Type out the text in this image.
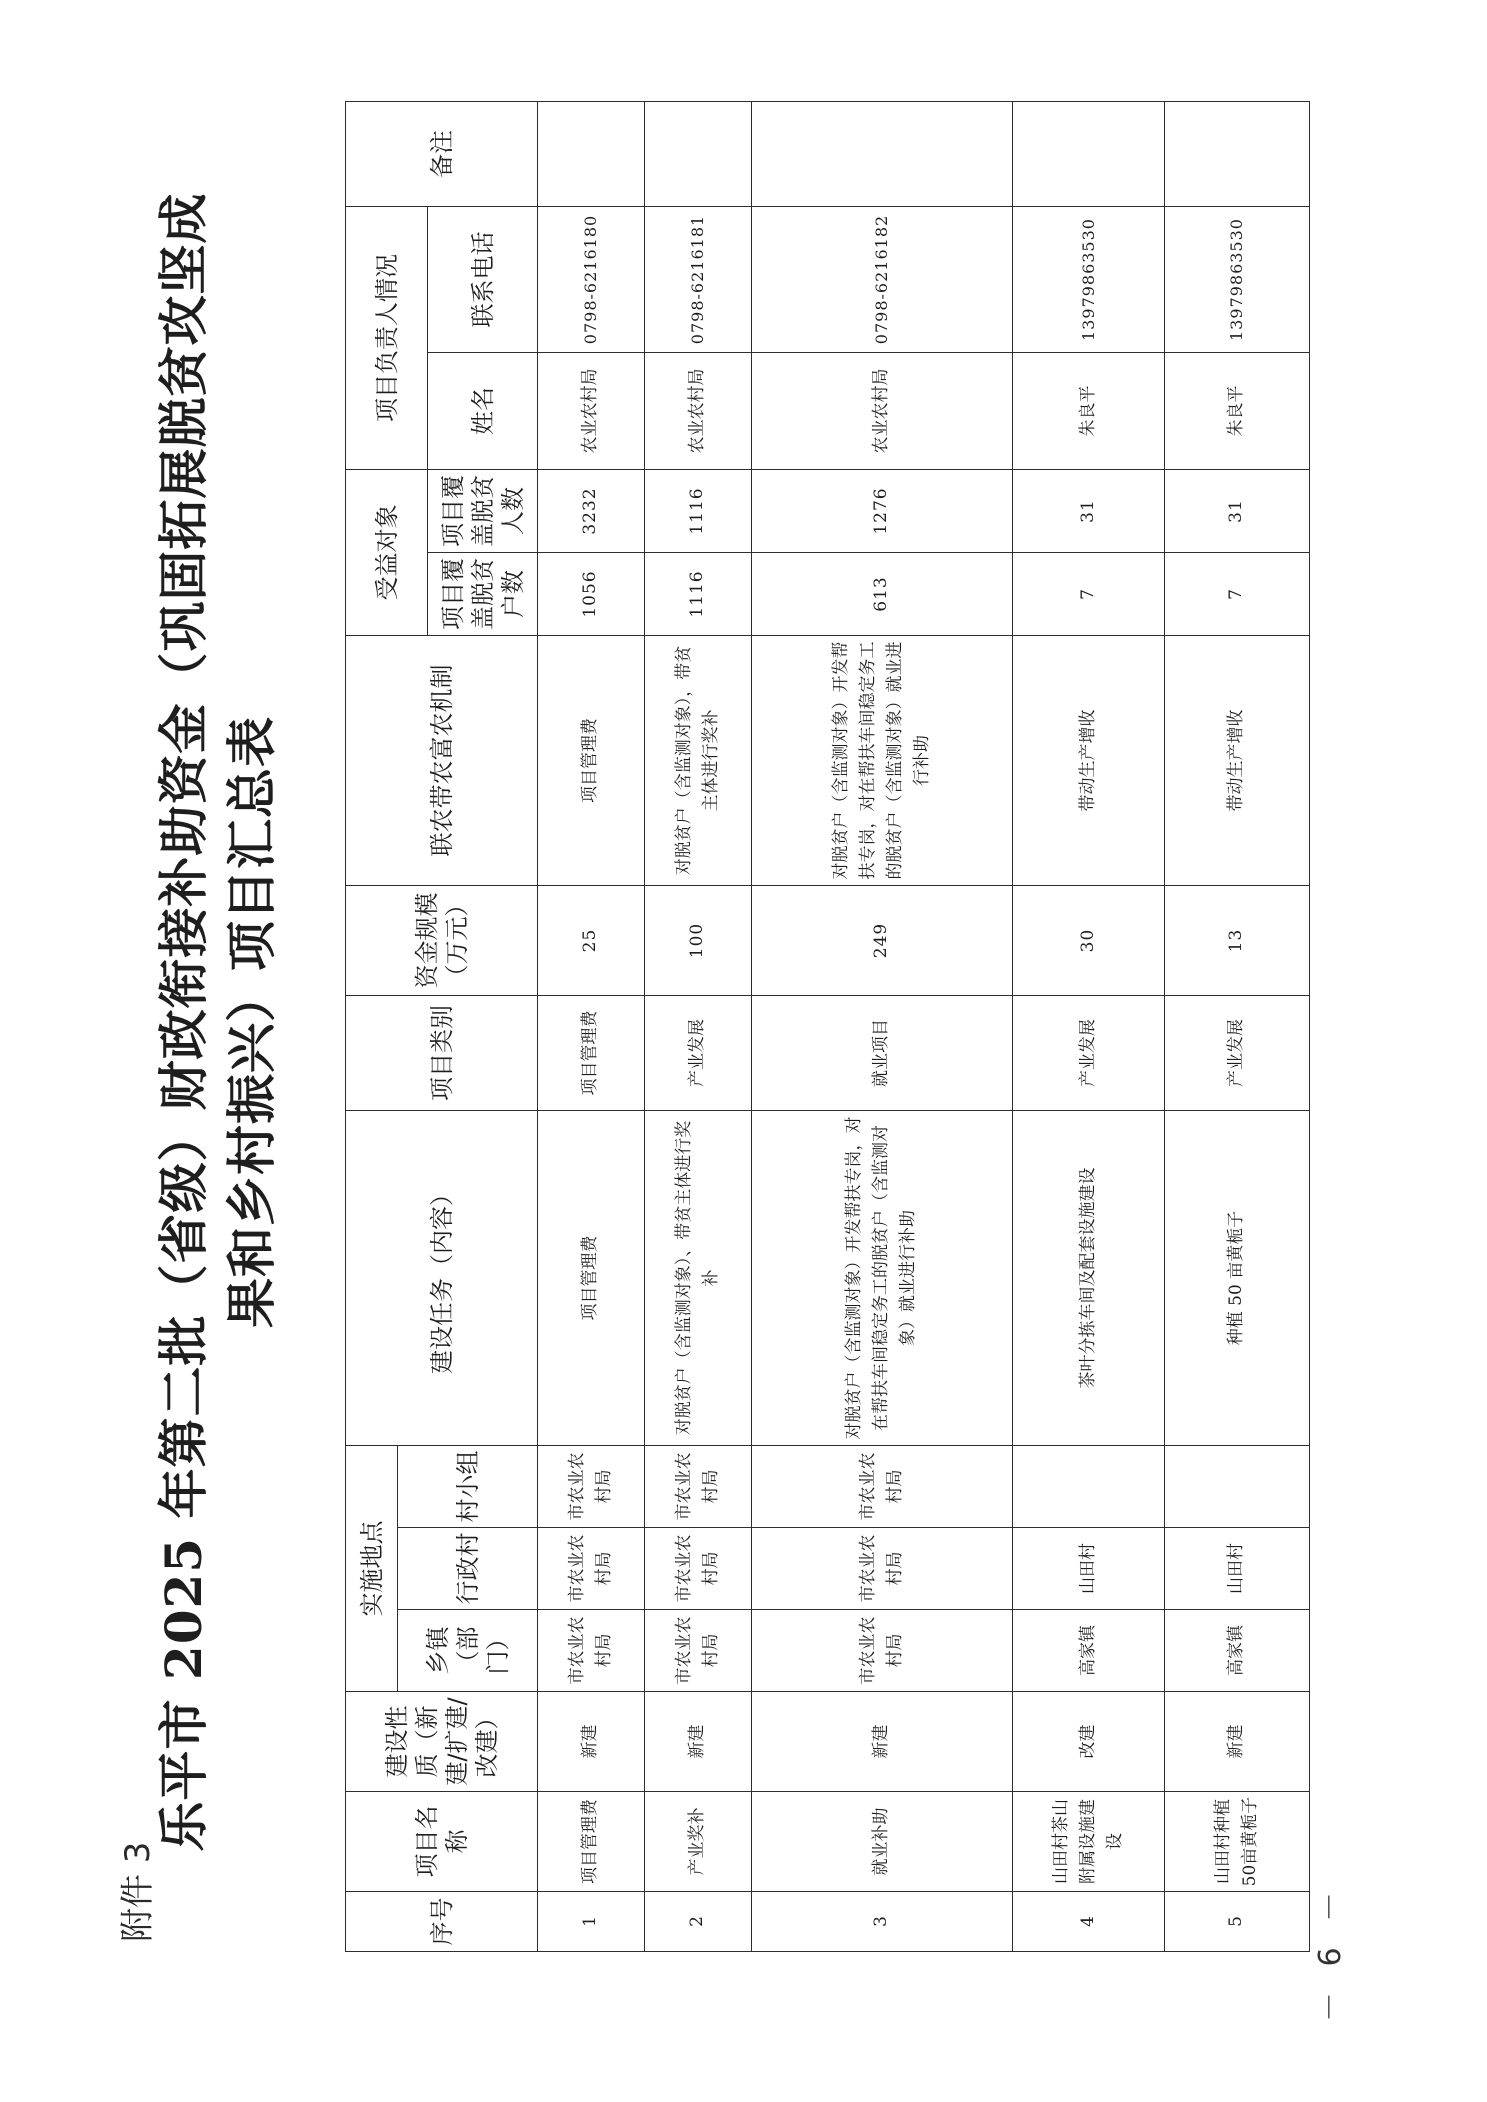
附件 3
乐平市 2025 年第二批（省级）财政衔接补助资金（巩固拓展脱贫攻坚成果和乡村振兴）项目汇总表
序号	项目名称	建设性质（新建/扩建/改建）	实施地点			建设任务（内容）	项目类别	资金规模（万元）	联农带农富农机制	受益对象		项目负责人情况		备注
			乡镇（部门）	行政村	村小组									
										项目覆盖脱贫户数	项目覆盖脱贫人数	姓名	联系电话	
1	项目管理费	新建	市农业农村局	市农业农村局	市农业农村局	项目管理费	项目管理费	25	项目管理费	1056	3232	农业农村局	0798-6216180	
2	产业奖补	新建	市农业农村局	市农业农村局	市农业农村局	对脱贫户（含监测对象）、带贫主体进行奖补	产业发展	100	对脱贫户（含监测对象），带贫主体进行奖补	1116	1116	农业农村局	0798-6216181	
3	就业补助	新建	市农业农村局	市农业农村局	市农业农村局	对脱贫户（含监测对象）开发帮扶专岗，对在帮扶车间稳定务工的脱贫户（含监测对象）就业进行补助	就业项目	249	对脱贫户（含监测对象）开发帮扶专岗，对在帮扶车间稳定务工的脱贫户（含监测对象）就业进行补助	613	1276	农业农村局	0798-6216182	
4	山田村茶山附属设施建设	改建	高家镇	山田村		茶叶分拣车间及配套设施建设	产业发展	30	带动生产增收	7	31	朱良平	13979863530	
5	山田村种植50亩黄栀子	新建	高家镇	山田村		种植 50 亩黄栀子	产业发展	13	带动生产增收	7	31	朱良平	13979863530	
－ 6 －
